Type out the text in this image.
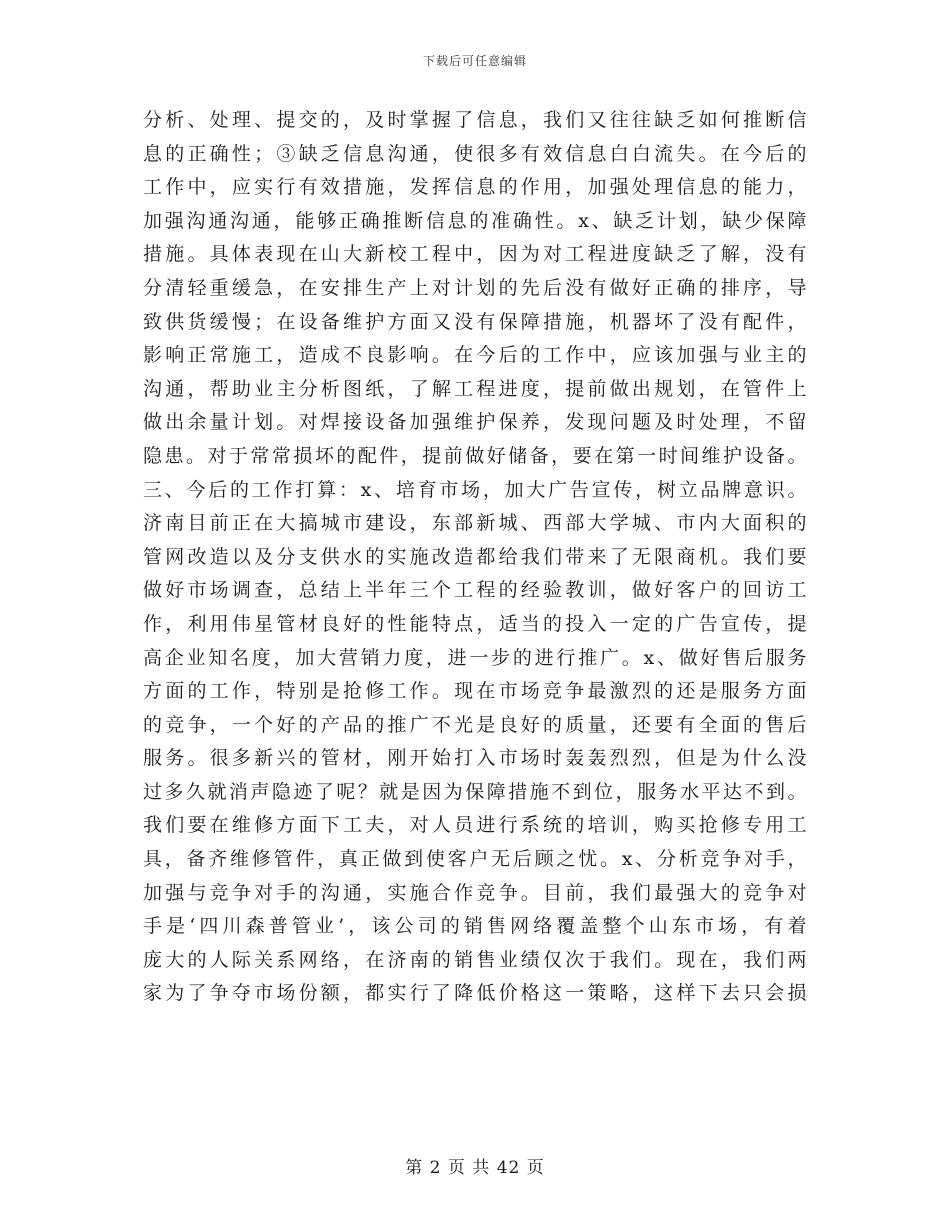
下载后可任意编辑
分析、处理、提交的，及时掌握了信息，我们又往往缺乏如何推断信
息的正确性；③缺乏信息沟通，使很多有效信息白白流失。在今后的
工作中，应实行有效措施，发挥信息的作用，加强处理信息的能力，
加强沟通沟通，能够正确推断信息的准确性。x、缺乏计划，缺少保障
措施。具体表现在山大新校工程中，因为对工程进度缺乏了解，没有
分清轻重缓急，在安排生产上对计划的先后没有做好正确的排序，导
致供货缓慢；在设备维护方面又没有保障措施，机器坏了没有配件，
影响正常施工，造成不良影响。在今后的工作中，应该加强与业主的
沟通，帮助业主分析图纸，了解工程进度，提前做出规划，在管件上
做出余量计划。对焊接设备加强维护保养，发现问题及时处理，不留
隐患。对于常常损坏的配件，提前做好储备，要在第一时间维护设备。
三、今后的工作打算：x、培育市场，加大广告宣传，树立品牌意识。
济南目前正在大搞城市建设，东部新城、西部大学城、市内大面积的
管网改造以及分支供水的实施改造都给我们带来了无限商机。我们要
做好市场调查，总结上半年三个工程的经验教训，做好客户的回访工
作，利用伟星管材良好的性能特点，适当的投入一定的广告宣传，提
高企业知名度，加大营销力度，进一步的进行推广。x、做好售后服务
方面的工作，特别是抢修工作。现在市场竞争最激烈的还是服务方面
的竞争，一个好的产品的推广不光是良好的质量，还要有全面的售后
服务。很多新兴的管材，刚开始打入市场时轰轰烈烈，但是为什么没
过多久就消声隐迹了呢？就是因为保障措施不到位，服务水平达不到。
我们要在维修方面下工夫，对人员进行系统的培训，购买抢修专用工
具，备齐维修管件，真正做到使客户无后顾之忧。x、分析竞争对手，
加强与竞争对手的沟通，实施合作竞争。目前，我们最强大的竞争对
手是‘四川森普管业’，该公司的销售网络覆盖整个山东市场，有着
庞大的人际关系网络，在济南的销售业绩仅次于我们。现在，我们两
家为了争夺市场份额，都实行了降低价格这一策略，这样下去只会损
第 2 页 共 42 页
